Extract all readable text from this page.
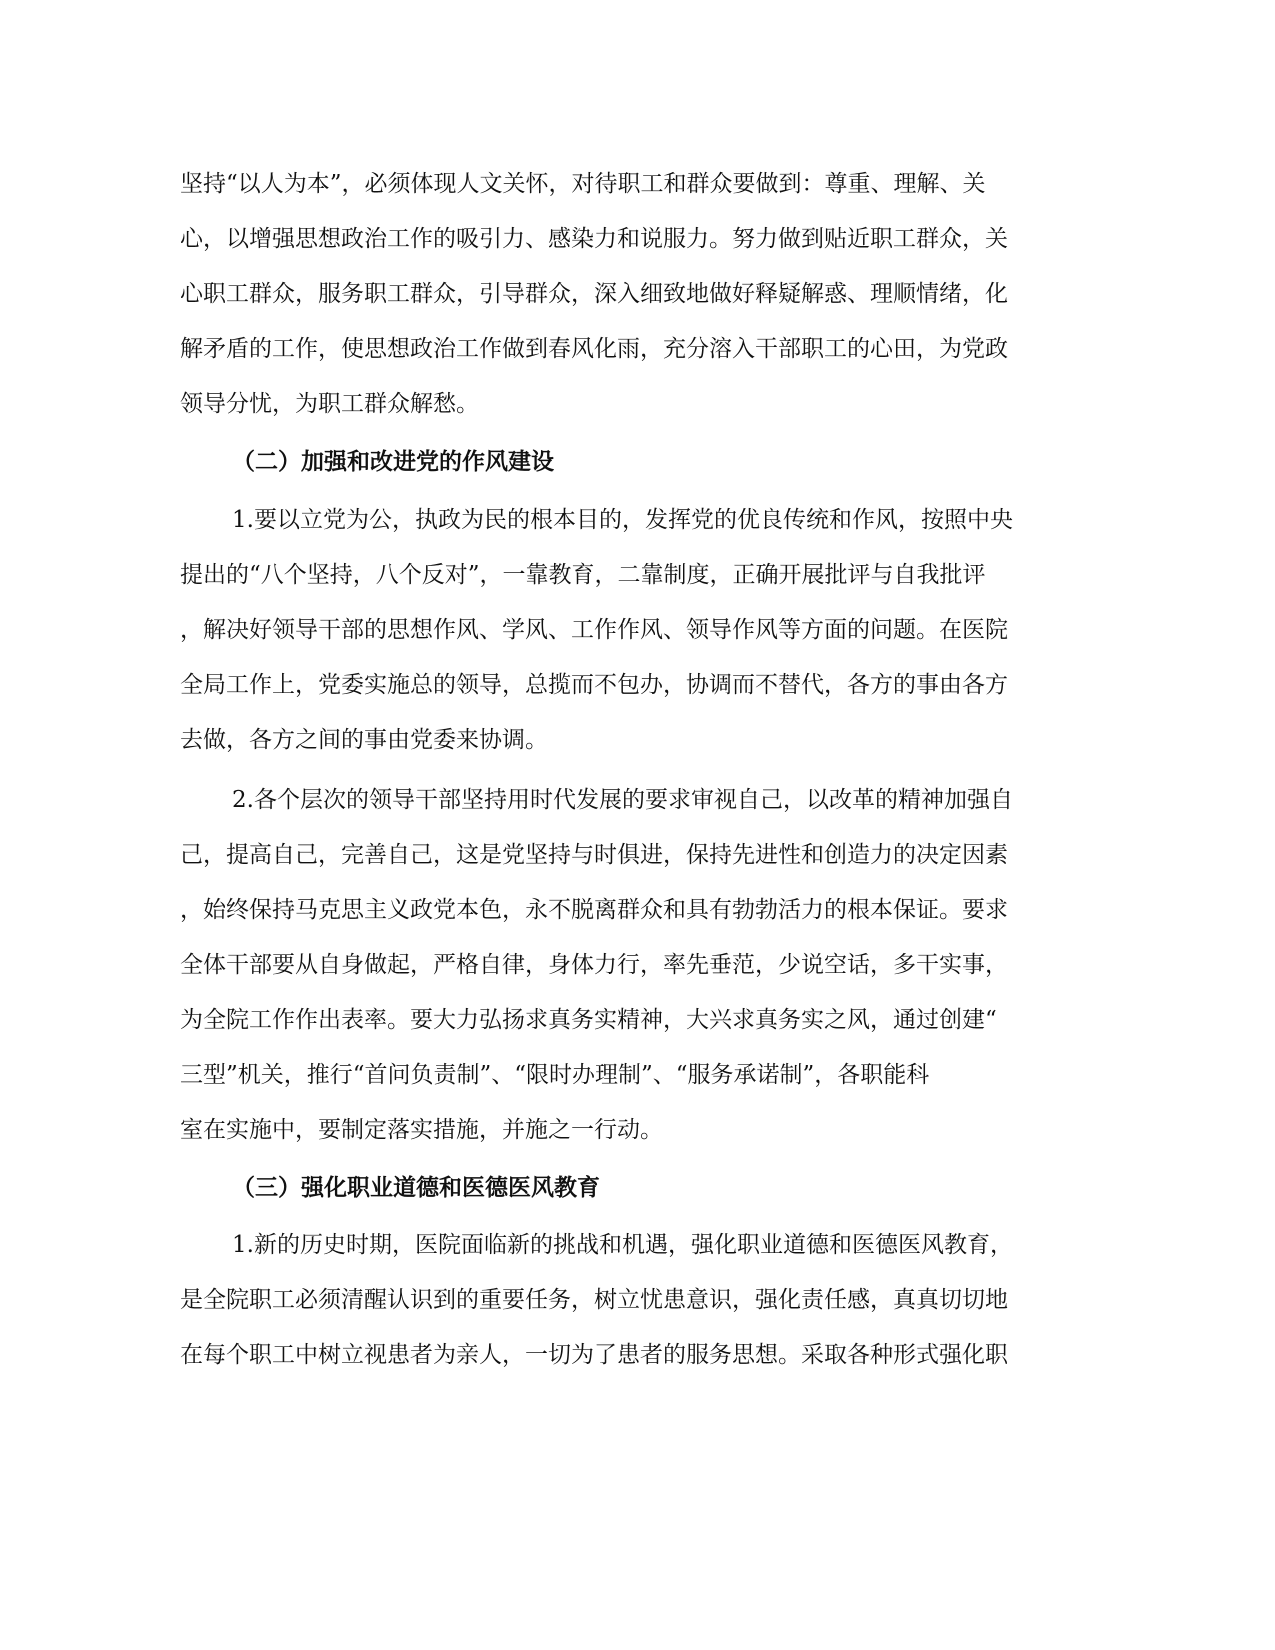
坚持“以人为本”，必须体现人文关怀，对待职工和群众要做到：尊重、理解、关

心，以增强思想政治工作的吸引力、感染力和说服力。努力做到贴近职工群众，关

心职工群众，服务职工群众，引导群众，深入细致地做好释疑解惑、理顺情绪，化

解矛盾的工作，使思想政治工作做到春风化雨，充分溶入干部职工的心田，为党政

领导分忧，为职工群众解愁。

（二）加强和改进党的作风建设

1.要以立党为公，执政为民的根本目的，发挥党的优良传统和作风，按照中央

提出的“八个坚持，八个反对”，一靠教育，二靠制度，正确开展批评与自我批评

，解决好领导干部的思想作风、学风、工作作风、领导作风等方面的问题。在医院

全局工作上，党委实施总的领导，总揽而不包办，协调而不替代，各方的事由各方

去做，各方之间的事由党委来协调。

2.各个层次的领导干部坚持用时代发展的要求审视自己，以改革的精神加强自

己，提高自己，完善自己，这是党坚持与时俱进，保持先进性和创造力的决定因素

，始终保持马克思主义政党本色，永不脱离群众和具有勃勃活力的根本保证。要求

全体干部要从自身做起，严格自律，身体力行，率先垂范，少说空话，多干实事，

为全院工作作出表率。要大力弘扬求真务实精神，大兴求真务实之风，通过创建“

三型”机关，推行“首问负责制”、“限时办理制”、“服务承诺制”，各职能科

室在实施中，要制定落实措施，并施之一行动。

（三）强化职业道德和医德医风教育

1.新的历史时期，医院面临新的挑战和机遇，强化职业道德和医德医风教育，

是全院职工必须清醒认识到的重要任务，树立忧患意识，强化责任感，真真切切地

在每个职工中树立视患者为亲人，一切为了患者的服务思想。采取各种形式强化职
